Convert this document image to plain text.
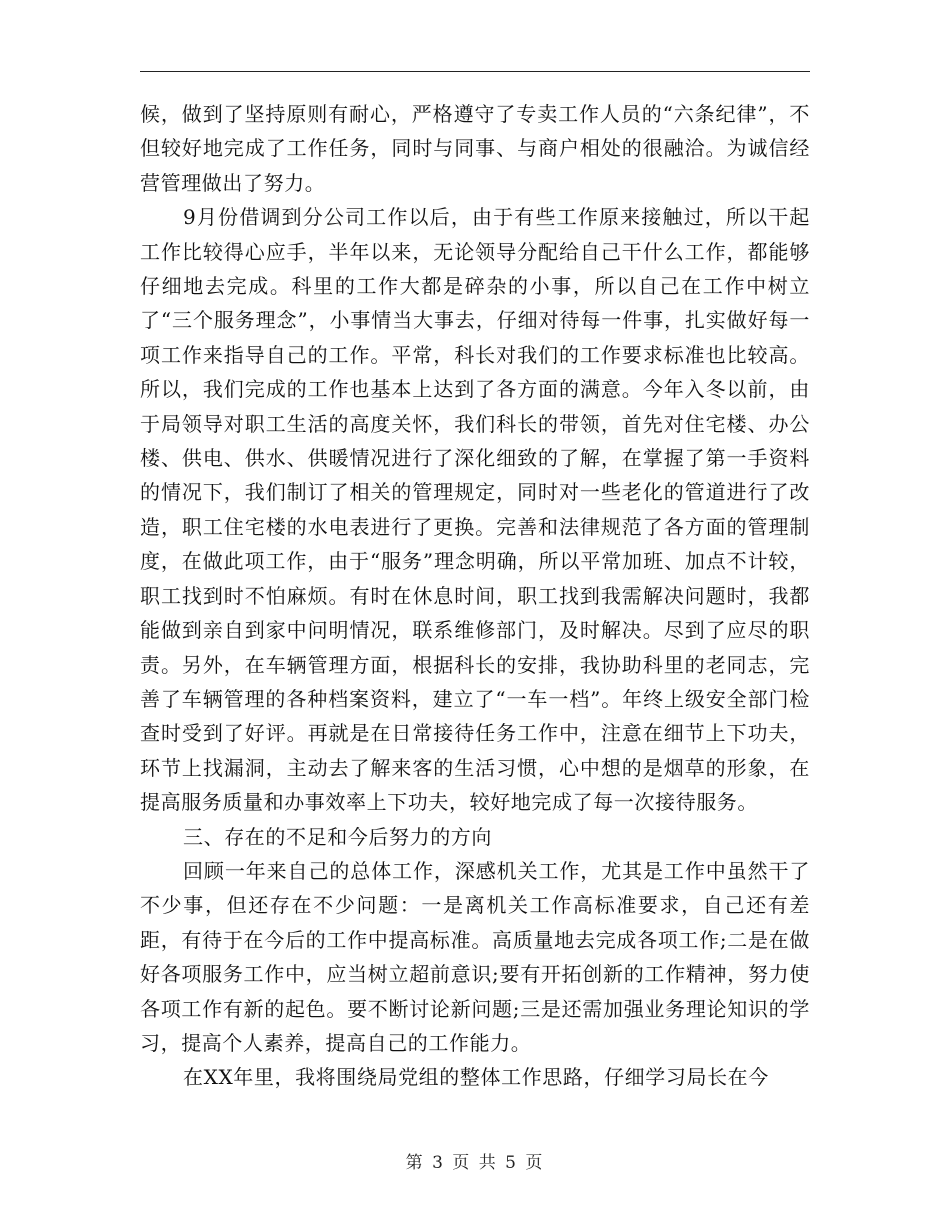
候，做到了坚持原则有耐心，严格遵守了专卖工作人员的“六条纪律”，不但较好地完成了工作任务，同时与同事、与商户相处的很融洽。为诚信经营管理做出了努力。

9月份借调到分公司工作以后，由于有些工作原来接触过，所以干起工作比较得心应手，半年以来，无论领导分配给自己干什么工作，都能够仔细地去完成。科里的工作大都是碎杂的小事，所以自己在工作中树立了“三个服务理念”，小事情当大事去，仔细对待每一件事，扎实做好每一项工作来指导自己的工作。平常，科长对我们的工作要求标准也比较高。所以，我们完成的工作也基本上达到了各方面的满意。今年入冬以前，由于局领导对职工生活的高度关怀，我们科长的带领，首先对住宅楼、办公楼、供电、供水、供暖情况进行了深化细致的了解，在掌握了第一手资料的情况下，我们制订了相关的管理规定，同时对一些老化的管道进行了改造，职工住宅楼的水电表进行了更换。完善和法律规范了各方面的管理制度，在做此项工作，由于“服务”理念明确，所以平常加班、加点不计较，职工找到时不怕麻烦。有时在休息时间，职工找到我需解决问题时，我都能做到亲自到家中问明情况，联系维修部门，及时解决。尽到了应尽的职责。另外，在车辆管理方面，根据科长的安排，我协助科里的老同志，完善了车辆管理的各种档案资料，建立了“一车一档”。年终上级安全部门检查时受到了好评。再就是在日常接待任务工作中，注意在细节上下功夫，环节上找漏洞，主动去了解来客的生活习惯，心中想的是烟草的形象，在提高服务质量和办事效率上下功夫，较好地完成了每一次接待服务。

三、存在的不足和今后努力的方向

回顾一年来自己的总体工作，深感机关工作，尤其是工作中虽然干了不少事，但还存在不少问题：一是离机关工作高标准要求，自己还有差距，有待于在今后的工作中提高标准。高质量地去完成各项工作;二是在做好各项服务工作中，应当树立超前意识;要有开拓创新的工作精神，努力使各项工作有新的起色。要不断讨论新问题;三是还需加强业务理论知识的学习，提高个人素养，提高自己的工作能力。

在XX年里，我将围绕局党组的整体工作思路，仔细学习局长在今

第 3 页 共 5 页
